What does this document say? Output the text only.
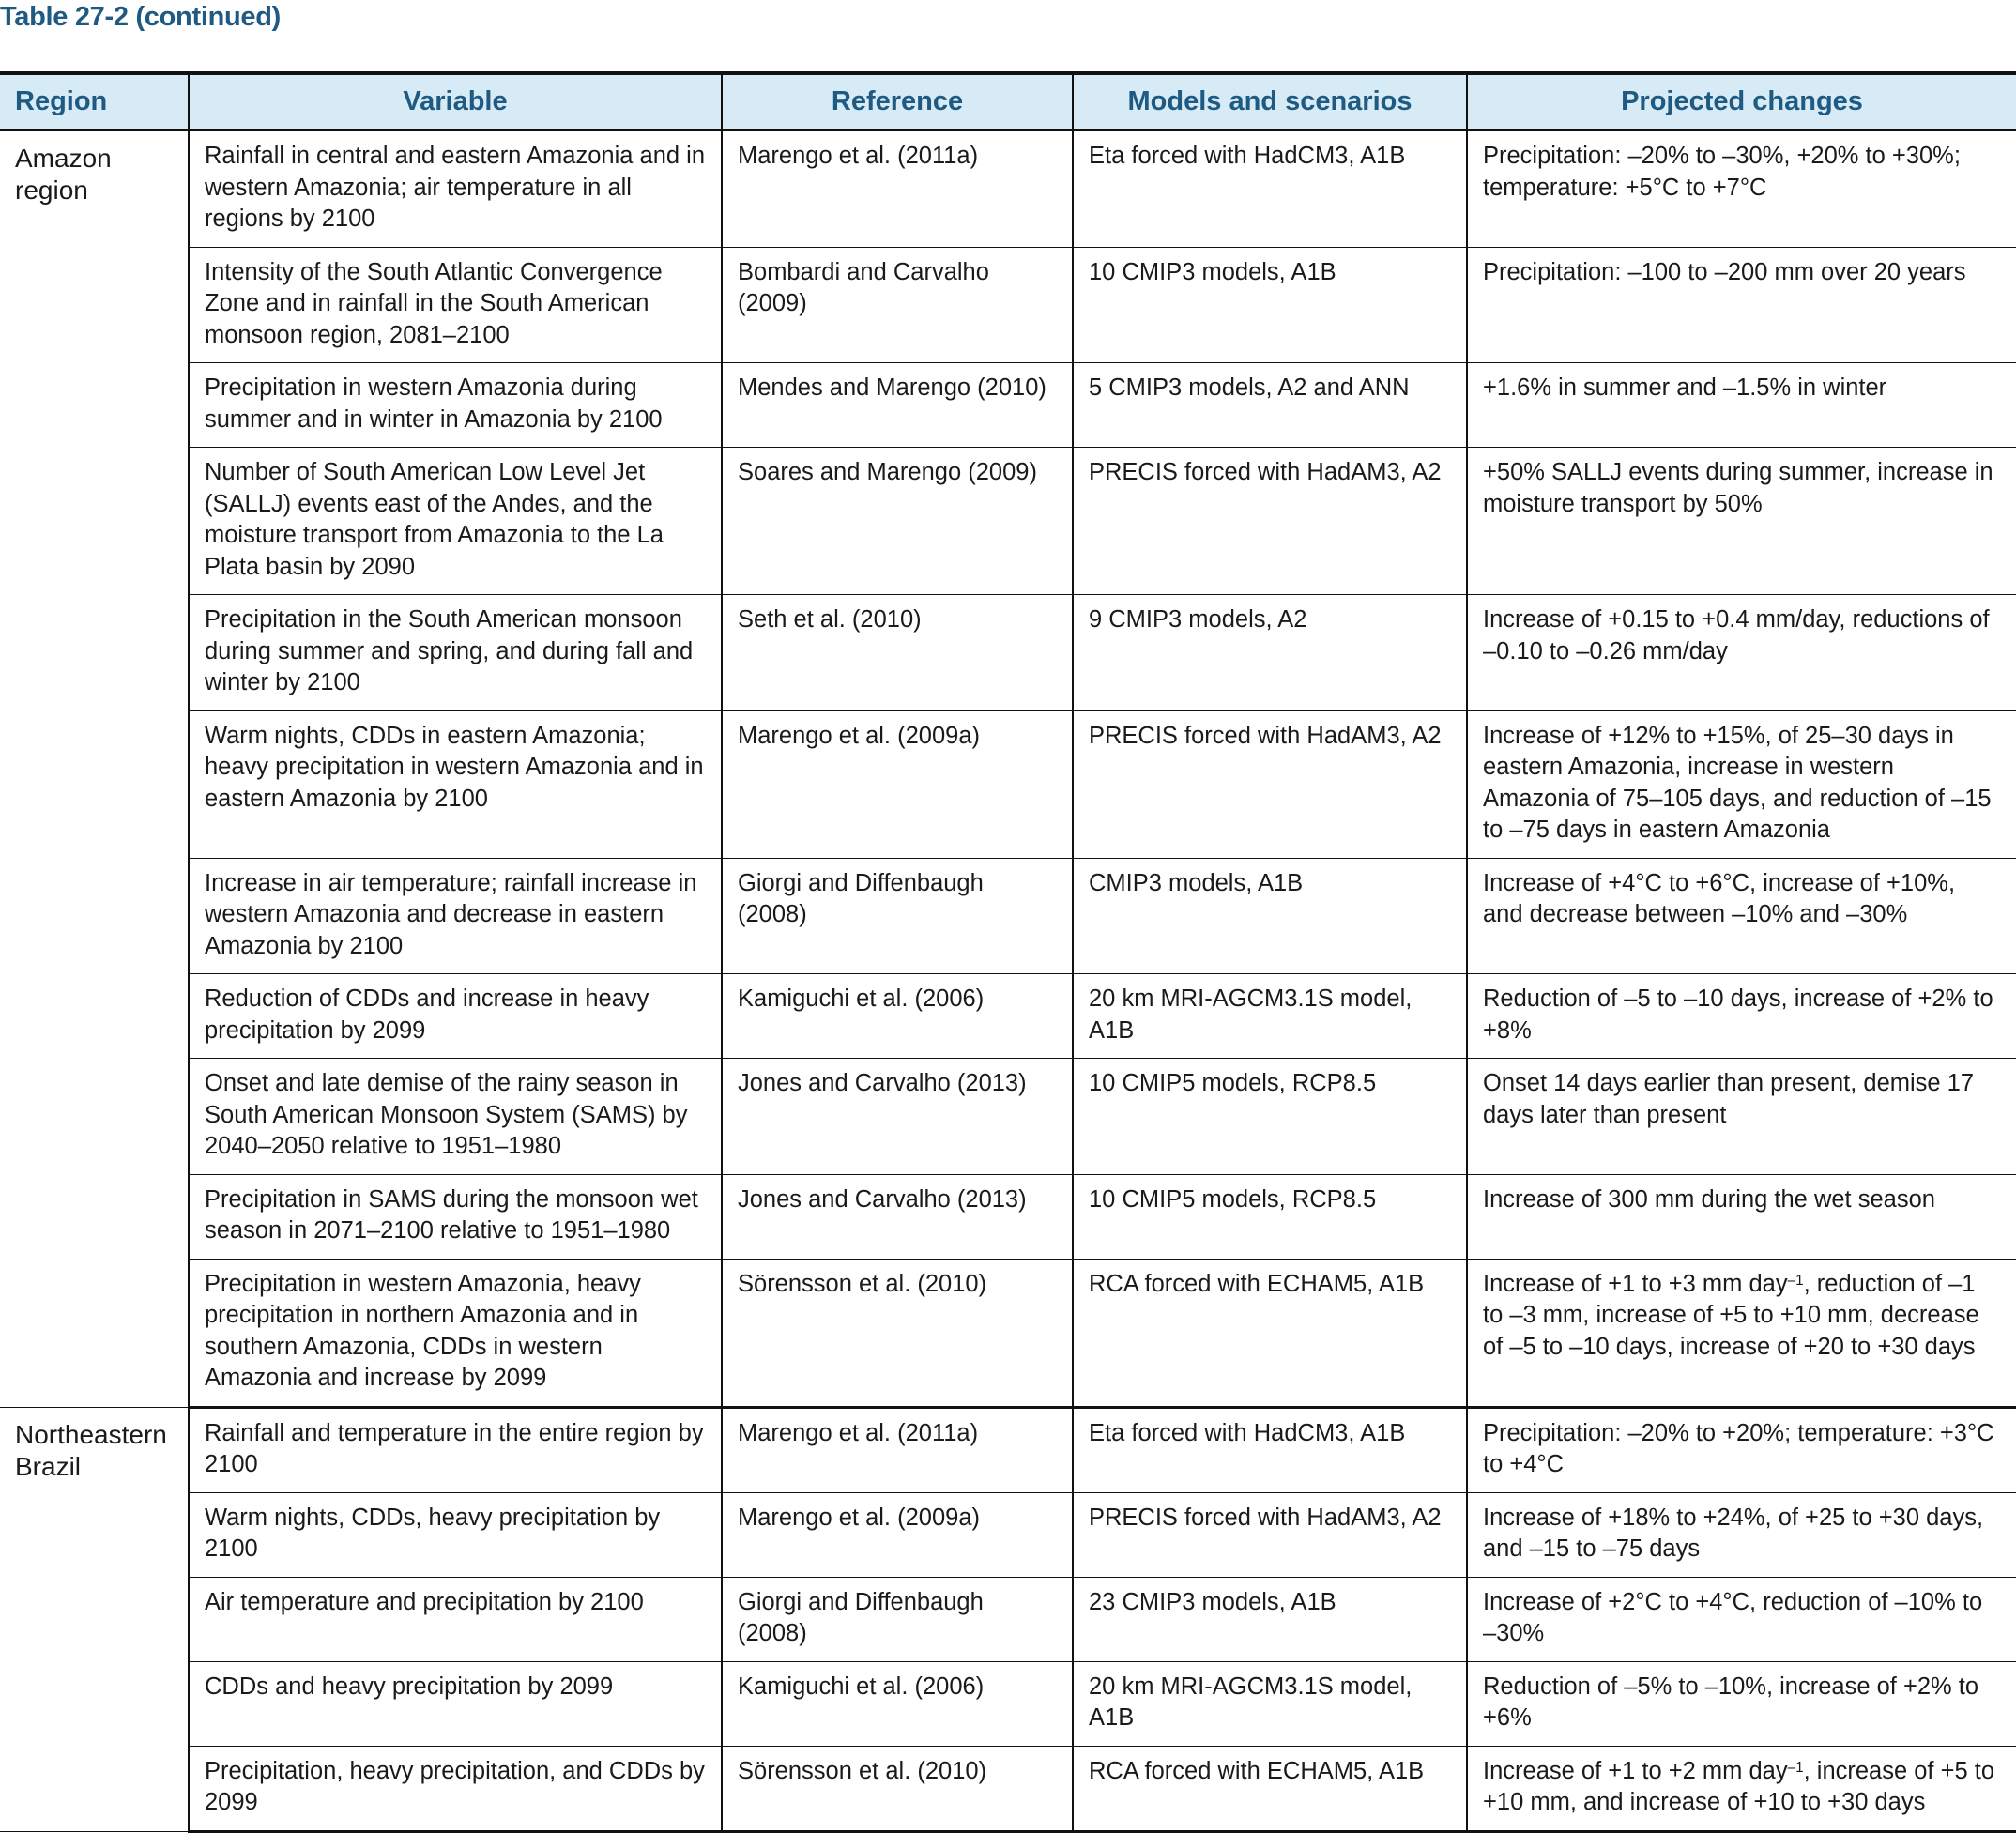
Table 27-2 (continued)
Region	Variable	Reference	Models and scenarios	Projected changes
Amazon region	Rainfall in central and eastern Amazonia and in western Amazonia; air temperature in all regions by 2100	Marengo et al. (2011a)	Eta forced with HadCM3, A1B	Precipitation: –20% to –30%, +20% to +30%; temperature: +5°C to +7°C
	Intensity of the South Atlantic Convergence Zone and in rainfall in the South American monsoon region, 2081–2100	Bombardi and Carvalho (2009)	10 CMIP3 models, A1B	Precipitation: –100 to –200 mm over 20 years
	Precipitation in western Amazonia during summer and in winter in Amazonia by 2100	Mendes and Marengo (2010)	5 CMIP3 models, A2 and ANN	+1.6% in summer and –1.5% in winter
	Number of South American Low Level Jet (SALLJ) events east of the Andes, and the moisture transport from Amazonia to the La Plata basin by 2090	Soares and Marengo (2009)	PRECIS forced with HadAM3, A2	+50% SALLJ events during summer, increase in moisture transport by 50%
	Precipitation in the South American monsoon during summer and spring, and during fall and winter by 2100	Seth et al. (2010)	9 CMIP3 models, A2	Increase of +0.15 to +0.4 mm/day, reductions of –0.10 to –0.26 mm/day
	Warm nights, CDDs in eastern Amazonia; heavy precipitation in western Amazonia and in eastern Amazonia by 2100	Marengo et al. (2009a)	PRECIS forced with HadAM3, A2	Increase of +12% to +15%, of 25–30 days in eastern Amazonia, increase in western Amazonia of 75–105 days, and reduction of –15 to –75 days in eastern Amazonia
	Increase in air temperature; rainfall increase in western Amazonia and decrease in eastern Amazonia by 2100	Giorgi and Diffenbaugh (2008)	CMIP3 models, A1B	Increase of +4°C to +6°C, increase of +10%, and decrease between –10% and –30%
	Reduction of CDDs and increase in heavy precipitation by 2099	Kamiguchi et al. (2006)	20 km MRI-AGCM3.1S model, A1B	Reduction of –5 to –10 days, increase of +2% to +8%
	Onset and late demise of the rainy season in South American Monsoon System (SAMS) by 2040–2050 relative to 1951–1980	Jones and Carvalho (2013)	10 CMIP5 models, RCP8.5	Onset 14 days earlier than present, demise 17 days later than present
	Precipitation in SAMS during the monsoon wet season in 2071–2100 relative to 1951–1980	Jones and Carvalho (2013)	10 CMIP5 models, RCP8.5	Increase of 300 mm during the wet season
	Precipitation in western Amazonia, heavy precipitation in northern Amazonia and in southern Amazonia, CDDs in western Amazonia and increase by 2099	Sörensson et al. (2010)	RCA forced with ECHAM5, A1B	Increase of +1 to +3 mm day$^{-1}$, reduction of –1 to –3 mm, increase of +5 to +10 mm, decrease of –5 to –10 days, increase of +20 to +30 days
Northeastern Brazil	Rainfall and temperature in the entire region by 2100	Marengo et al. (2011a)	Eta forced with HadCM3, A1B	Precipitation: –20% to +20%; temperature: +3°C to +4°C
	Warm nights, CDDs, heavy precipitation by 2100	Marengo et al. (2009a)	PRECIS forced with HadAM3, A2	Increase of +18% to +24%, of +25 to +30 days, and –15 to –75 days
	Air temperature and precipitation by 2100	Giorgi and Diffenbaugh (2008)	23 CMIP3 models, A1B	Increase of +2°C to +4°C, reduction of –10% to –30%
	CDDs and heavy precipitation by 2099	Kamiguchi et al. (2006)	20 km MRI-AGCM3.1S model, A1B	Reduction of –5% to –10%, increase of +2% to +6%
	Precipitation, heavy precipitation, and CDDs by 2099	Sörensson et al. (2010)	RCA forced with ECHAM5, A1B	Increase of +1 to +2 mm day$^{-1}$, increase of +5 to +10 mm, and increase of +10 to +30 days
